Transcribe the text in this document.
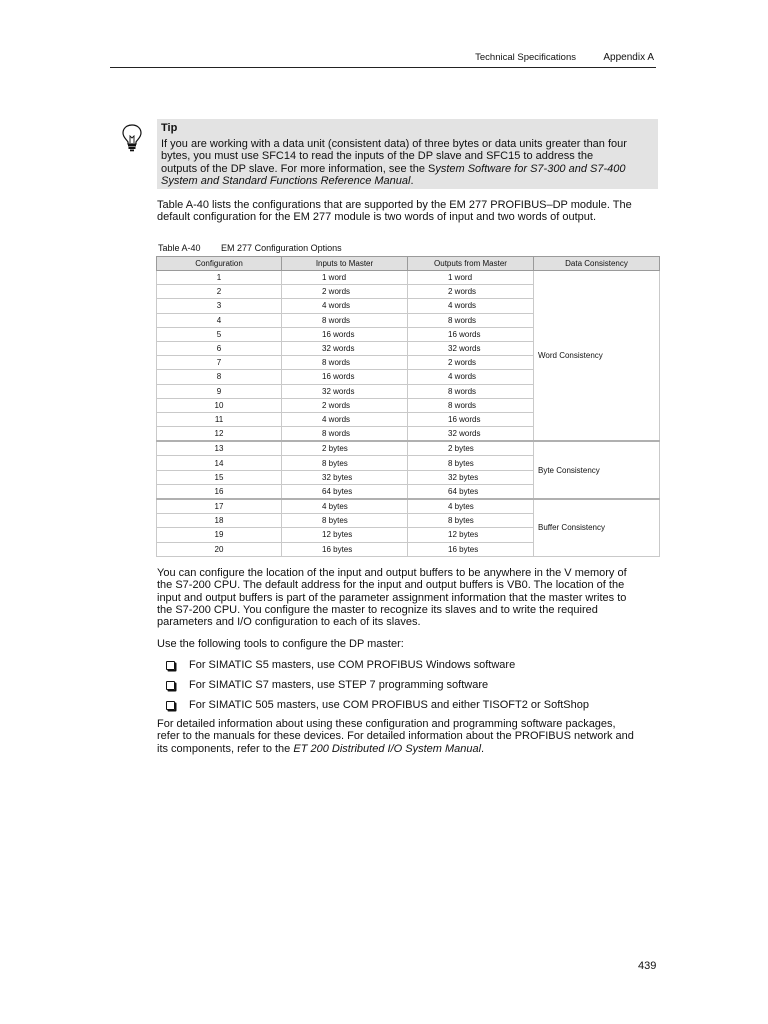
Technical Specifications	Appendix A
Tip
If you are working with a data unit (consistent data) of three bytes or data units greater than four
bytes, you must use SFC14 to read the inputs of the DP slave and SFC15 to address the
outputs of the DP slave. For more information, see the System Software for S7-300 and S7-400
System and Standard Functions Reference Manual.
Table A-40 lists the configurations that are supported by the EM 277 PROFIBUS–DP module. The
default configuration for the EM 277 module is two words of input and two words of output.
Table A-40 EM 277 Configuration Options
Configuration	Inputs to Master	Outputs from Master	Data Consistency
1	1 word	1 word	Word Consistency
2	2 words	2 words	
3	4 words	4 words	
4	8 words	8 words	
5	16 words	16 words	
6	32 words	32 words	
7	8 words	2 words	
8	16 words	4 words	
9	32 words	8 words	
10	2 words	8 words	
11	4 words	16 words	
12	8 words	32 words	
13	2 bytes	2 bytes	Byte Consistency
14	8 bytes	8 bytes	
15	32 bytes	32 bytes	
16	64 bytes	64 bytes	
17	4 bytes	4 bytes	Buffer Consistency
18	8 bytes	8 bytes	
19	12 bytes	12 bytes	
20	16 bytes	16 bytes	
You can configure the location of the input and output buffers to be anywhere in the V memory of
the S7-200 CPU. The default address for the input and output buffers is VB0. The location of the
input and output buffers is part of the parameter assignment information that the master writes to
the S7-200 CPU. You configure the master to recognize its slaves and to write the required
parameters and I/O configuration to each of its slaves.
Use the following tools to configure the DP master:
For SIMATIC S5 masters, use COM PROFIBUS Windows software
For SIMATIC S7 masters, use STEP 7 programming software
For SIMATIC 505 masters, use COM PROFIBUS and either TISOFT2 or SoftShop
For detailed information about using these configuration and programming software packages,
refer to the manuals for these devices. For detailed information about the PROFIBUS network and
its components, refer to the ET 200 Distributed I/O System Manual.
439
